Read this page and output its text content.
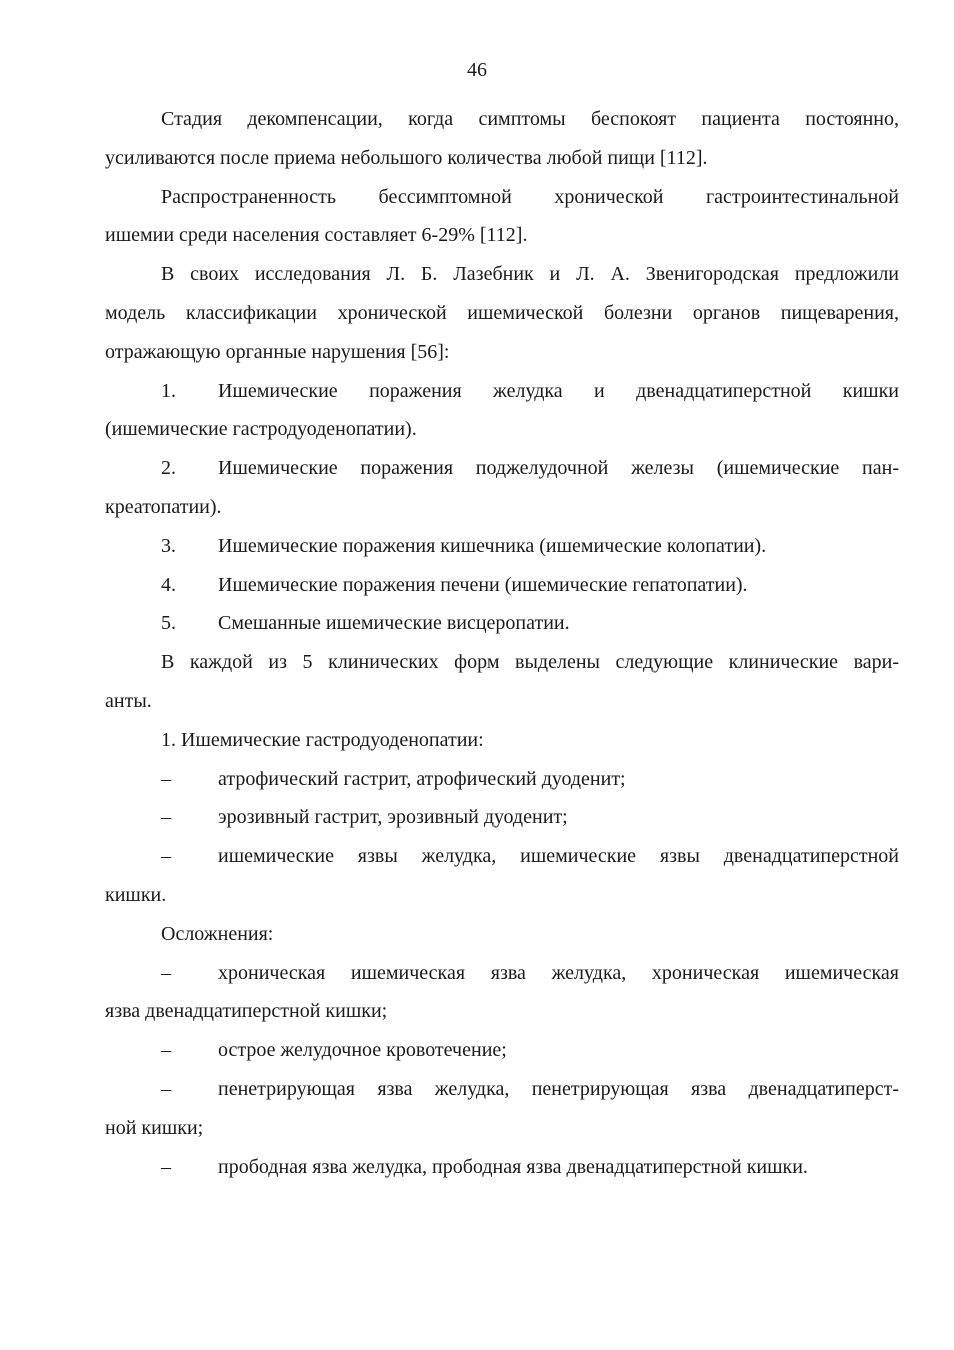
46
Стадия декомпенсации, когда симптомы беспокоят пациента постоянно,
усиливаются после приема небольшого количества любой пищи [112].
Распространенность бессимптомной хронической гастроинтестинальной
ишемии среди населения составляет 6-29% [112].
В своих исследования Л. Б. Лазебник и Л. А. Звенигородская предложили
модель классификации хронической ишемической болезни органов пищеварения,
отражающую органные нарушения [56]:
1.	Ишемические поражения желудка и двенадцатиперстной кишки
(ишемические гастродуоденопатии).
2.	Ишемические поражения поджелудочной железы (ишемические пан-
креатопатии).
3. Ишемические поражения кишечника (ишемические колопатии).
4. Ишемические поражения печени (ишемические гепатопатии).
5. Смешанные ишемические висцеропатии.
В каждой из 5 клинических форм выделены следующие клинические вари-
анты.
1. Ишемические гастродуоденопатии:
– атрофический гастрит, атрофический дуоденит;
– эрозивный гастрит, эрозивный дуоденит;
–	ишемические язвы желудка, ишемические язвы двенадцатиперстной
кишки.
Осложнения:
–	хроническая ишемическая язва желудка, хроническая ишемическая
язва двенадцатиперстной кишки;
– острое желудочное кровотечение;
–	пенетрирующая язва желудка, пенетрирующая язва двенадцатиперст-
ной кишки;
– прободная язва желудка, прободная язва двенадцатиперстной кишки.
